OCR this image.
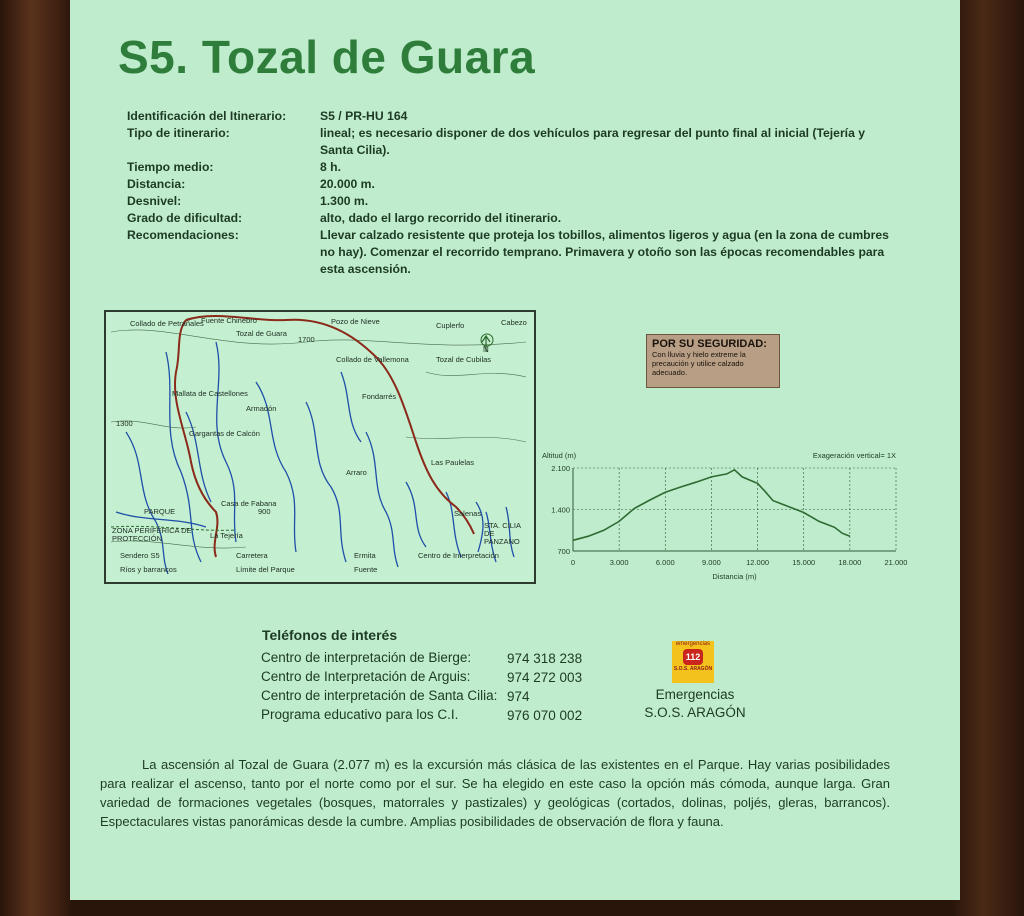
S5. Tozal de Guara
Identificación del Itinerario:	S5 / PR-HU 164
Tipo de itinerario:	lineal; es necesario disponer de dos vehículos para regresar del punto final al inicial (Tejería y Santa Cilia).
Tiempo medio:	8 h.
Distancia:	20.000 m.
Desnivel:	1.300 m.
Grado de dificultad:	alto, dado el largo recorrido del itinerario.
Recomendaciones:	Llevar calzado resistente que proteja los tobillos, alimentos ligeros y agua (en la zona de cumbres no hay). Comenzar el recorrido temprano. Primavera y otoño son las épocas recomendables para esta ascensión.
Collado de Petrañales
Fuente Chinebro
Tozal de Guara
Pozo de Nieve	Cuplerfo	Cabezo
Collado de Vallemona	Tozal de Cubilas
Mallata de Castellones
Armadón
Fondarrés
Gargantas de Calcón
Arraro
Las Paulelas
Casa de Fabana
La Tejería
Salenas
STA. CILIA DE PANZANO
PARQUE
ZONA PERIFÉRICA DE PROTECCIÓN
1700
1300
900
N
Sendero S5
Ríos y barrancos
Carretera
Límite del Parque
Ermita
Fuente
Centro de Interpretación
POR SU SEGURIDAD:
Con lluvia y hielo extreme la precaución y utilice calzado adecuado.
0	3.000	6.000	9.000	12.000	15.000	18.000	21.000
700
1.400
2.100
Altitud (m)
Distancia (m)
Exageración vertical= 1X
Teléfonos de interés
Centro de interpretación de Bierge:	974 318 238
Centro de Interpretación de Arguis:	974 272 003
Centro de interpretación de Santa Cilia: 974
Programa educativo para los C.I.	976 070 002
emergencias
112
S.O.S. ARAGÓN
Emergencias
S.O.S. ARAGÓN
La ascensión al Tozal de Guara (2.077 m) es la excursión más clásica de las existentes en el Parque. Hay varias posibilidades para realizar el ascenso, tanto por el norte como por el sur. Se ha elegido en este caso la opción más cómoda, aunque larga. Gran variedad de formaciones vegetales (bosques, matorrales y pastizales) y geológicas (cortados, dolinas, poljés, gleras, barrancos). Espectaculares vistas panorámicas desde la cumbre. Amplias posibilidades de observación de flora y fauna.
